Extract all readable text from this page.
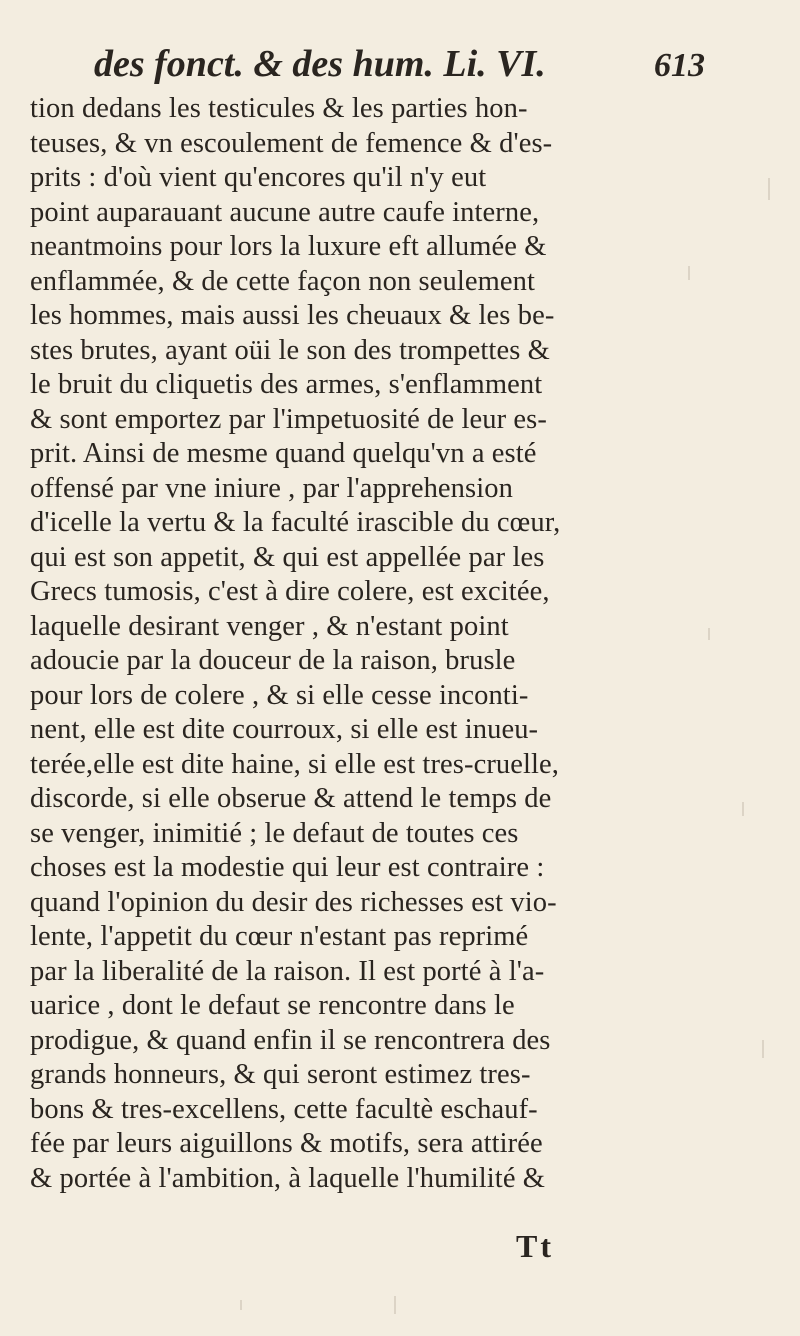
des fonct. & des hum. Li. VI.	613
tion dedans les testicules & les parties hon-
teuses, & vn escoulement de femence & d'es-
prits : d'où vient qu'encores qu'il n'y eut
point auparauant aucune autre caufe interne,
neantmoins pour lors la luxure eft allumée &
enflammée, & de cette façon non seulement
les hommes, mais aussi les cheuaux & les be-
stes brutes, ayant oüi le son des trompettes &
le bruit du cliquetis des armes, s'enflamment
& sont emportez par l'impetuosité de leur es-
prit. Ainsi de mesme quand quelqu'vn a esté
offensé par vne iniure , par l'apprehension
d'icelle la vertu & la faculté irascible du cœur,
qui est son appetit, & qui est appellée par les
Grecs tumosis, c'est à dire colere, est excitée,
laquelle desirant venger , & n'estant point
adoucie par la douceur de la raison, brusle
pour lors de colere , & si elle cesse inconti-
nent, elle est dite courroux, si elle est inueu-
terée,elle est dite haine, si elle est tres-cruelle,
discorde, si elle obserue & attend le temps de
se venger, inimitié ; le defaut de toutes ces
choses est la modestie qui leur est contraire :
quand l'opinion du desir des richesses est vio-
lente, l'appetit du cœur n'estant pas reprimé
par la liberalité de la raison. Il est porté à l'a-
uarice , dont le defaut se rencontre dans le
prodigue, & quand enfin il se rencontrera des
grands honneurs, & qui seront estimez tres-
bons & tres-excellens, cette facultè eschauf-
fée par leurs aiguillons & motifs, sera attirée
& portée à l'ambition, à laquelle l'humilité &
Tt
